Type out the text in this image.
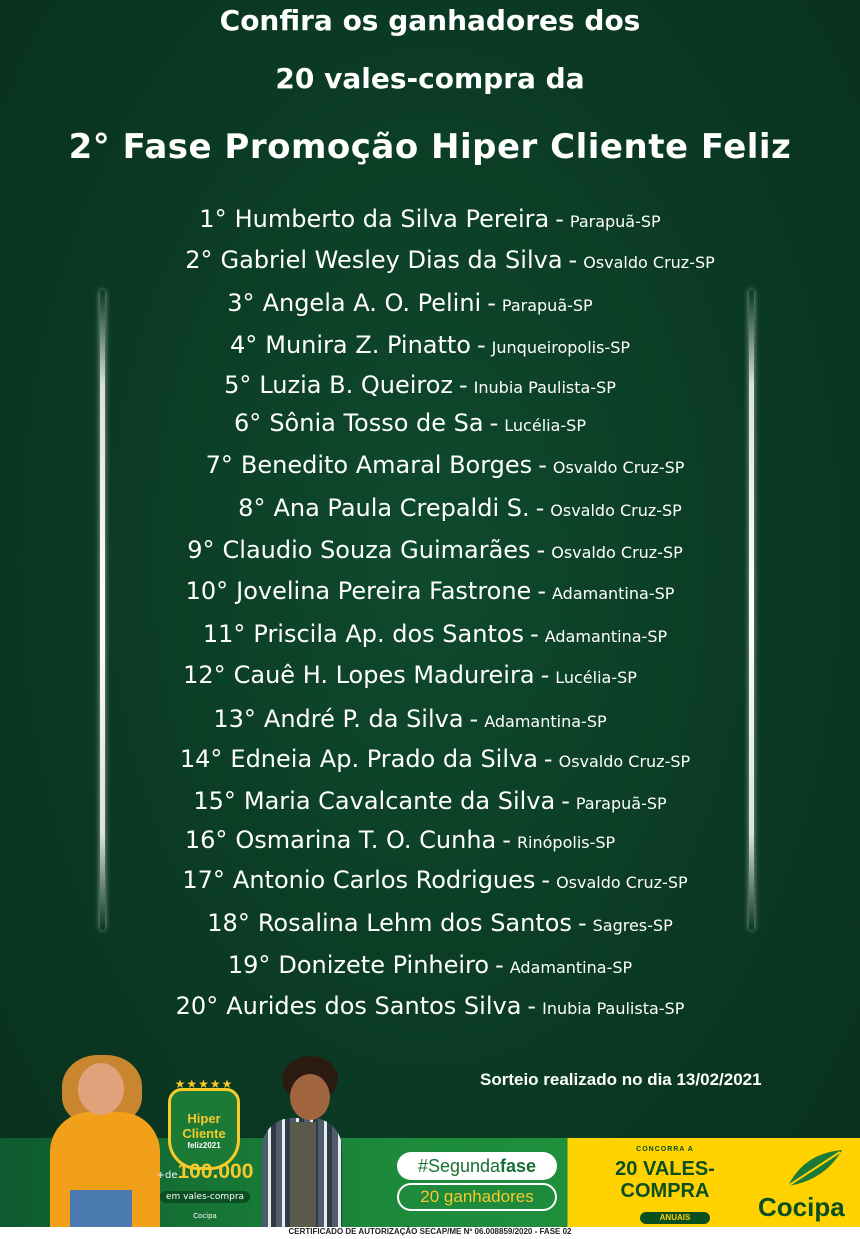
Confira os ganhadores dos
20 vales-compra da
2° Fase Promoção Hiper Cliente Feliz
1° Humberto da Silva Pereira - Parapuã-SP
2° Gabriel Wesley Dias da Silva - Osvaldo Cruz-SP
3° Angela A. O. Pelini - Parapuã-SP
4° Munira Z. Pinatto - Junqueiropolis-SP
5° Luzia B. Queiroz - Inubia Paulista-SP
6° Sônia Tosso de Sa - Lucélia-SP
7° Benedito Amaral Borges - Osvaldo Cruz-SP
8° Ana Paula Crepaldi S. - Osvaldo Cruz-SP
9° Claudio Souza Guimarães - Osvaldo Cruz-SP
10° Jovelina Pereira Fastrone - Adamantina-SP
11° Priscila Ap. dos Santos - Adamantina-SP
12° Cauê H. Lopes Madureira - Lucélia-SP
13° André P. da Silva - Adamantina-SP
14° Edneia Ap. Prado da Silva - Osvaldo Cruz-SP
15° Maria Cavalcante da Silva - Parapuã-SP
16° Osmarina T. O. Cunha - Rinópolis-SP
17° Antonio Carlos Rodrigues - Osvaldo Cruz-SP
18° Rosalina Lehm dos Santos - Sagres-SP
19° Donizete Pinheiro - Adamantina-SP
20° Aurides dos Santos Silva - Inubia Paulista-SP
Sorteio realizado no dia 13/02/2021
★★★★★
Hiper
Cliente
feliz2021
+de100.000
em vales-compra
Cocipa
#Segundafase
20 ganhadores
CONCORRA A
20 VALES-
COMPRA
ANUAIS	Cocipa
CERTIFICADO DE AUTORIZAÇÃO SECAP/ME Nº 06.008859/2020 - FASE 02
